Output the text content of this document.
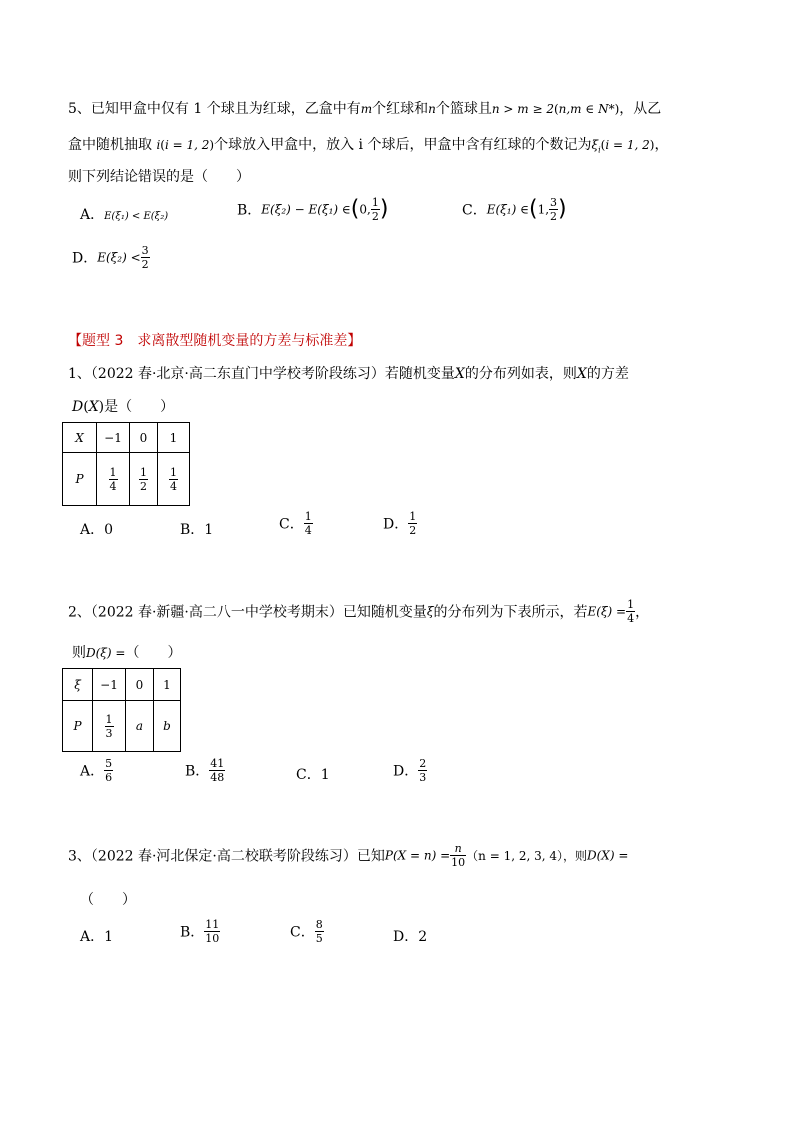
5、已知甲盒中仅有 1 个球且为红球，乙盒中有m个红球和n个篮球且n > m ≥ 2(n,m ∈ N*)，从乙
盒中随机抽取 i(i = 1, 2)个球放入甲盒中，放入 i 个球后，甲盒中含有红球的个数记为$\xi_i(i = 1$, 2)，
则下列结论错误的是（　　）
A．E(ξ₁) < E(ξ₂)	B．E(ξ₂) − E(ξ₁) ∈(0, $\frac{1}{2}$ )	C．E(ξ₁) ∈(1, $\frac{3}{2}$ )
D．$E(\xi_2) < \frac{3}{2}$
【题型 3　求离散型随机变量的方差与标准差】
1、（2022 春·北京·高二东直门中学校考阶段练习）若随机变量X的分布列如表，则X的方差
D(X)是（　　）
X	−1	0	1
P	$\frac{1}{4}$	$\frac{1}{2}$	$\frac{1}{4}$
A．0	B．1	C． $\frac{1}{4}$	D． $\frac{1}{2}$
2、（2022 春·新疆·高二八一中学校考期末）已知随机变量ξ的分布列为下表所示，若$E(\xi) = \frac{1}{4}$ ，
则D(ξ) =（　　）
ξ	−1	0	1
P	$\frac{1}{3}$	a	b
A． $\frac{5}{6}$	B． $\frac{41}{48}$	C．1	D． $\frac{2}{3}$
3、（2022 春·河北保定·高二校联考阶段练习）已知$P(X = n) = \frac{n}{10} (n = 1$, 2, 3, 4），则D(X) =
（　　）
A．1	B． $\frac{11}{10}$	C． $\frac{8}{5}$	D．2
